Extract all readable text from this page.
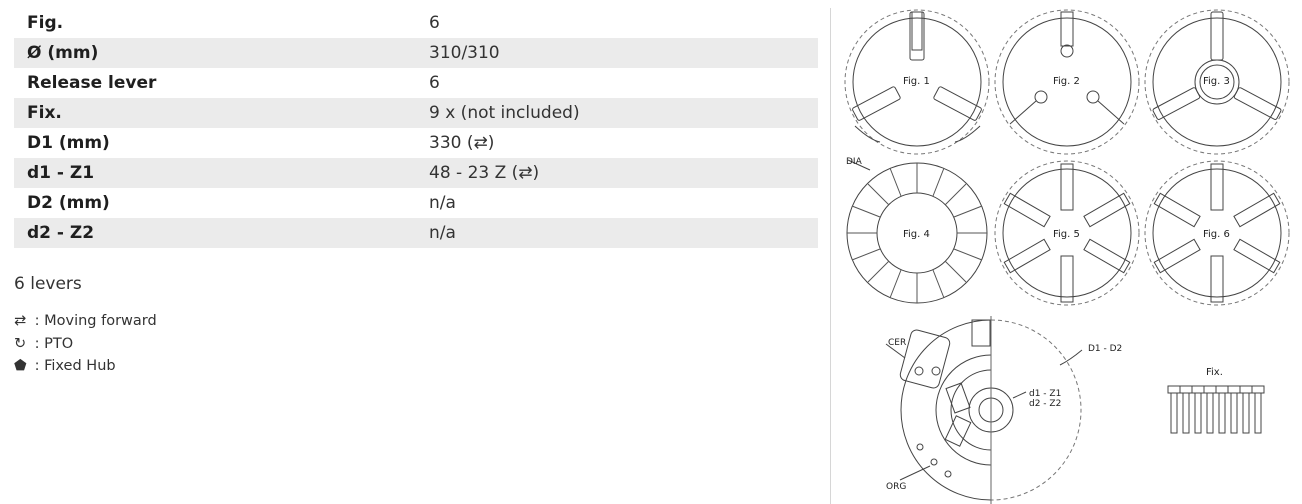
Fig.	6
Ø (mm)	310/310
Release lever	6
Fix.	9 x (not included)
D1 (mm)	330 (⇄)
d1 - Z1	48 - 23 Z (⇄)
D2 (mm)	n/a
d2 - Z2	n/a
6 levers
⇄ : Moving forward
↻ : PTO
⬟ : Fixed Hub
Fig. 1	Fig. 2	Fig. 3
DIA
Fig. 4	Fig. 5	Fig. 6
CER
ORG
D1 - D2
d1 - Z1
d2 - Z2
Fix.
